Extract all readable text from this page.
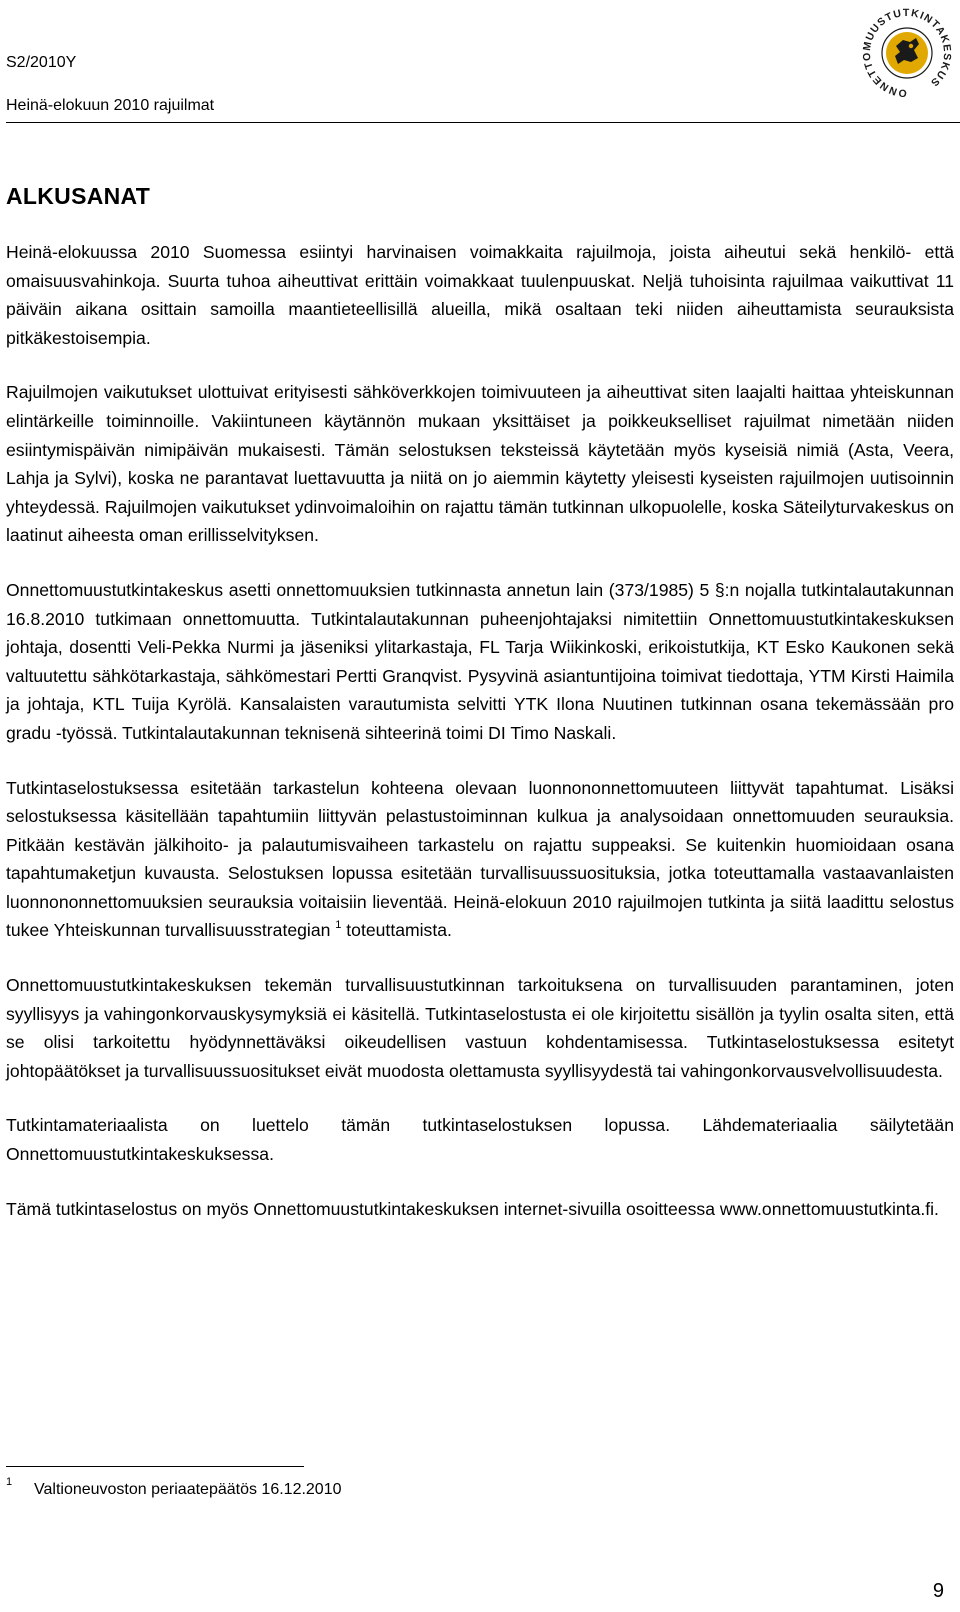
S2/2010Y
Heinä-elokuun 2010 rajuilmat
ONNETTOMUUSTUTKINTAKESKUS
ALKUSANAT

Heinä-elokuussa 2010 Suomessa esiintyi harvinaisen voimakkaita rajuilmoja, joista aiheutui sekä henkilö- että omaisuusvahinkoja. Suurta tuhoa aiheuttivat erittäin voimakkaat tuulenpuuskat. Neljä tuhoisinta rajuilmaa vaikuttivat 11 päiväin aikana osittain samoilla maantieteellisillä alueilla, mikä osaltaan teki niiden aiheuttamista seurauksista pitkäkestoisempia.

Rajuilmojen vaikutukset ulottuivat erityisesti sähköverkkojen toimivuuteen ja aiheuttivat siten laajalti haittaa yhteiskunnan elintärkeille toiminnoille. Vakiintuneen käytännön mukaan yksittäiset ja poikkeukselliset rajuilmat nimetään niiden esiintymispäivän nimipäivän mukaisesti. Tämän selostuksen teksteissä käytetään myös kyseisiä nimiä (Asta, Veera, Lahja ja Sylvi), koska ne parantavat luettavuutta ja niitä on jo aiemmin käytetty yleisesti kyseisten rajuilmojen uutisoinnin yhteydessä. Rajuilmojen vaikutukset ydinvoimaloihin on rajattu tämän tutkinnan ulkopuolelle, koska Säteilyturvakeskus on laatinut aiheesta oman erillisselvityksen.

Onnettomuustutkintakeskus asetti onnettomuuksien tutkinnasta annetun lain (373/1985) 5 §:n nojalla tutkintalautakunnan 16.8.2010 tutkimaan onnettomuutta. Tutkintalautakunnan puheenjohtajaksi nimitettiin Onnettomuustutkintakeskuksen johtaja, dosentti Veli-Pekka Nurmi ja jäseniksi ylitarkastaja, FL Tarja Wiikinkoski, erikoistutkija, KT Esko Kaukonen sekä valtuutettu sähkötarkastaja, sähkömestari Pertti Granqvist. Pysyvinä asiantuntijoina toimivat tiedottaja, YTM Kirsti Haimila ja johtaja, KTL Tuija Kyrölä. Kansalaisten varautumista selvitti YTK Ilona Nuutinen tutkinnan osana tekemässään pro gradu -työssä. Tutkintalautakunnan teknisenä sihteerinä toimi DI Timo Naskali.

Tutkintaselostuksessa esitetään tarkastelun kohteena olevaan luonnononnettomuuteen liittyvät tapahtumat. Lisäksi selostuksessa käsitellään tapahtumiin liittyvän pelastustoiminnan kulkua ja analysoidaan onnettomuuden seurauksia. Pitkään kestävän jälkihoito- ja palautumisvaiheen tarkastelu on rajattu suppeaksi. Se kuitenkin huomioidaan osana tapahtumaketjun kuvausta. Selostuksen lopussa esitetään turvallisuussuosituksia, jotka toteuttamalla vastaavanlaisten luonnononnettomuuksien seurauksia voitaisiin lieventää. Heinä-elokuun 2010 rajuilmojen tutkinta ja siitä laadittu selostus tukee Yhteiskunnan turvallisuusstrategian $^1$ toteuttamista.

Onnettomuustutkintakeskuksen tekemän turvallisuustutkinnan tarkoituksena on turvallisuuden parantaminen, joten syyllisyys ja vahingonkorvauskysymyksiä ei käsitellä. Tutkintaselostusta ei ole kirjoitettu sisällön ja tyylin osalta siten, että se olisi tarkoitettu hyödynnettäväksi oikeudellisen vastuun kohdentamisessa. Tutkintaselostuksessa esitetyt johtopäätökset ja turvallisuussuositukset eivät muodosta olettamusta syyllisyydestä tai vahingonkorvausvelvollisuudesta.

Tutkintamateriaalista on luettelo tämän tutkintaselostuksen lopussa. Lähdemateriaalia säilytetään Onnettomuustutkintakeskuksessa.

Tämä tutkintaselostus on myös Onnettomuustutkintakeskuksen internet-sivuilla osoitteessa www.onnettomuustutkinta.fi.

1 Valtioneuvoston periaatepäätös 16.12.2010
9
